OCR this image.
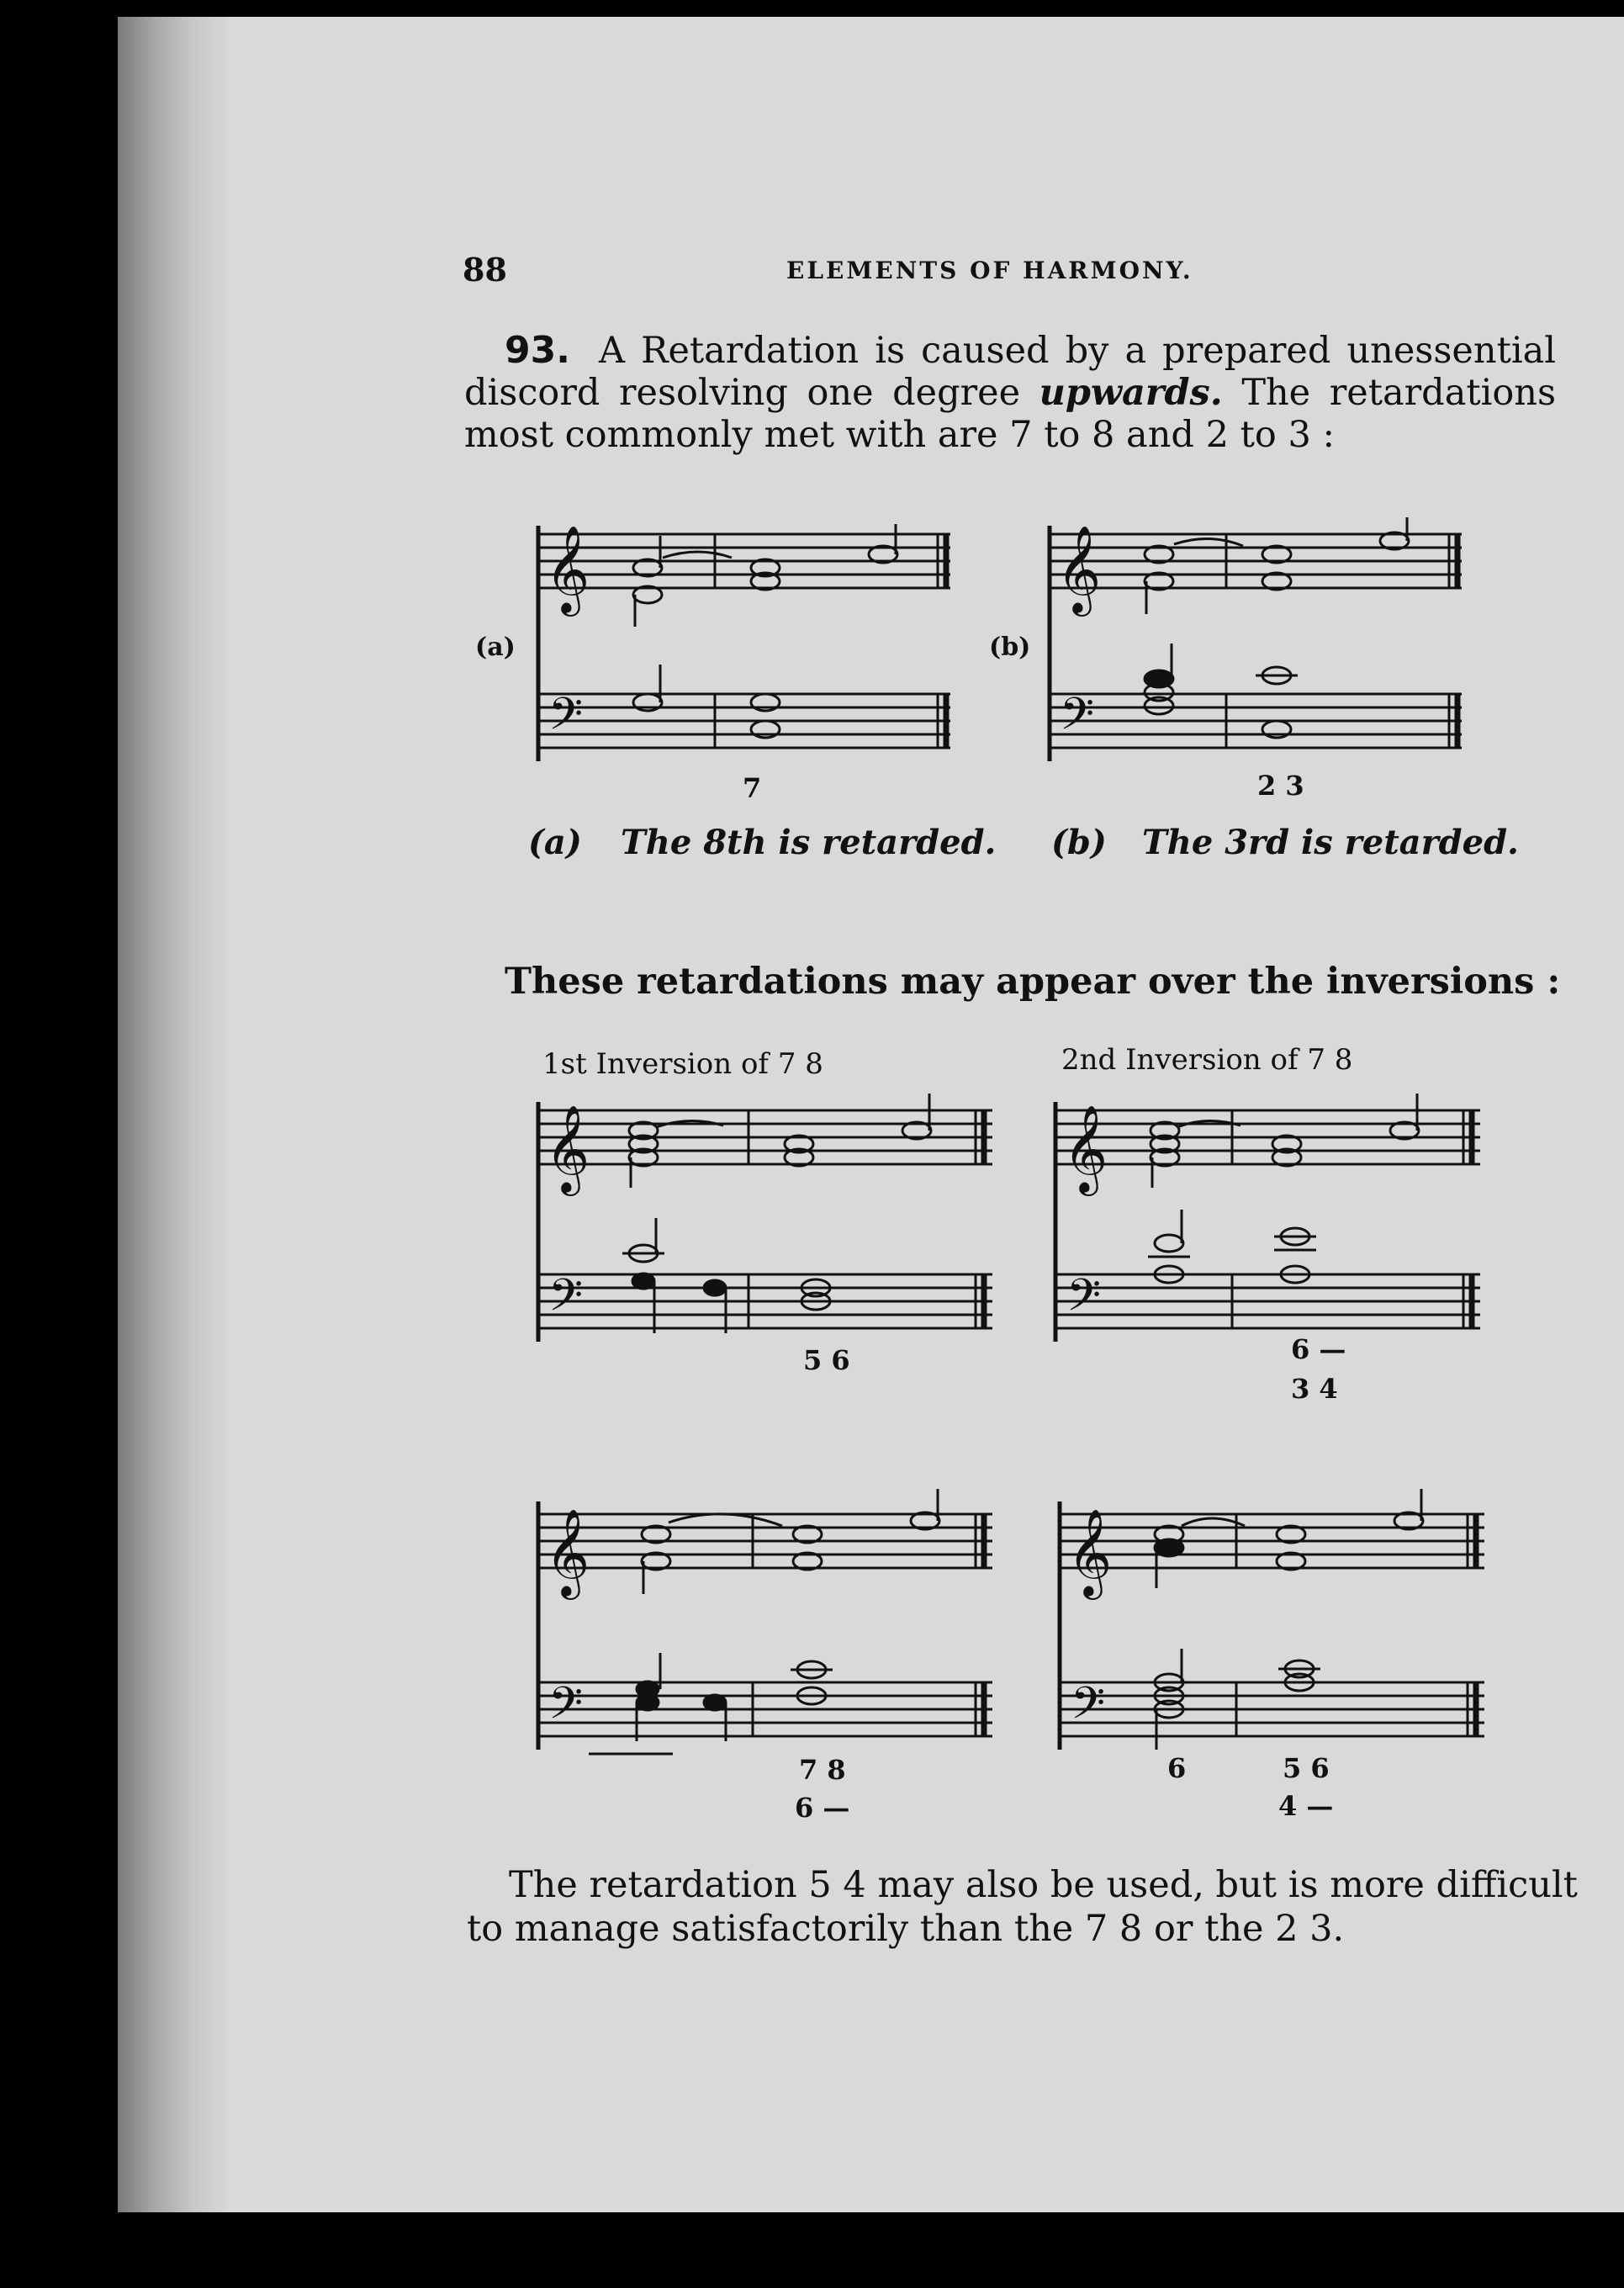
88	ELEMENTS OF HARMONY.
93. A Retardation is caused by a prepared unessential
discord resolving one degree upwards. The retardations
most commonly met with are 7 to 8 and 2 to 3 :
𝄞
𝄢
(a)
7
𝄞
𝄢
(b)
2 3
(a) The 8th is retarded. (b) The 3rd is retarded.
These retardations may appear over the inversions :
1st Inversion of 7 8	2nd Inversion of 7 8
𝄞
𝄢
5 6
𝄞
𝄢
6 —
3 4
𝄞
𝄢
7 8
6 —
𝄞
𝄢
6	5 6
4 —
The retardation 5 4 may also be used, but is more difficult
to manage satisfactorily than the 7 8 or the 2 3.
